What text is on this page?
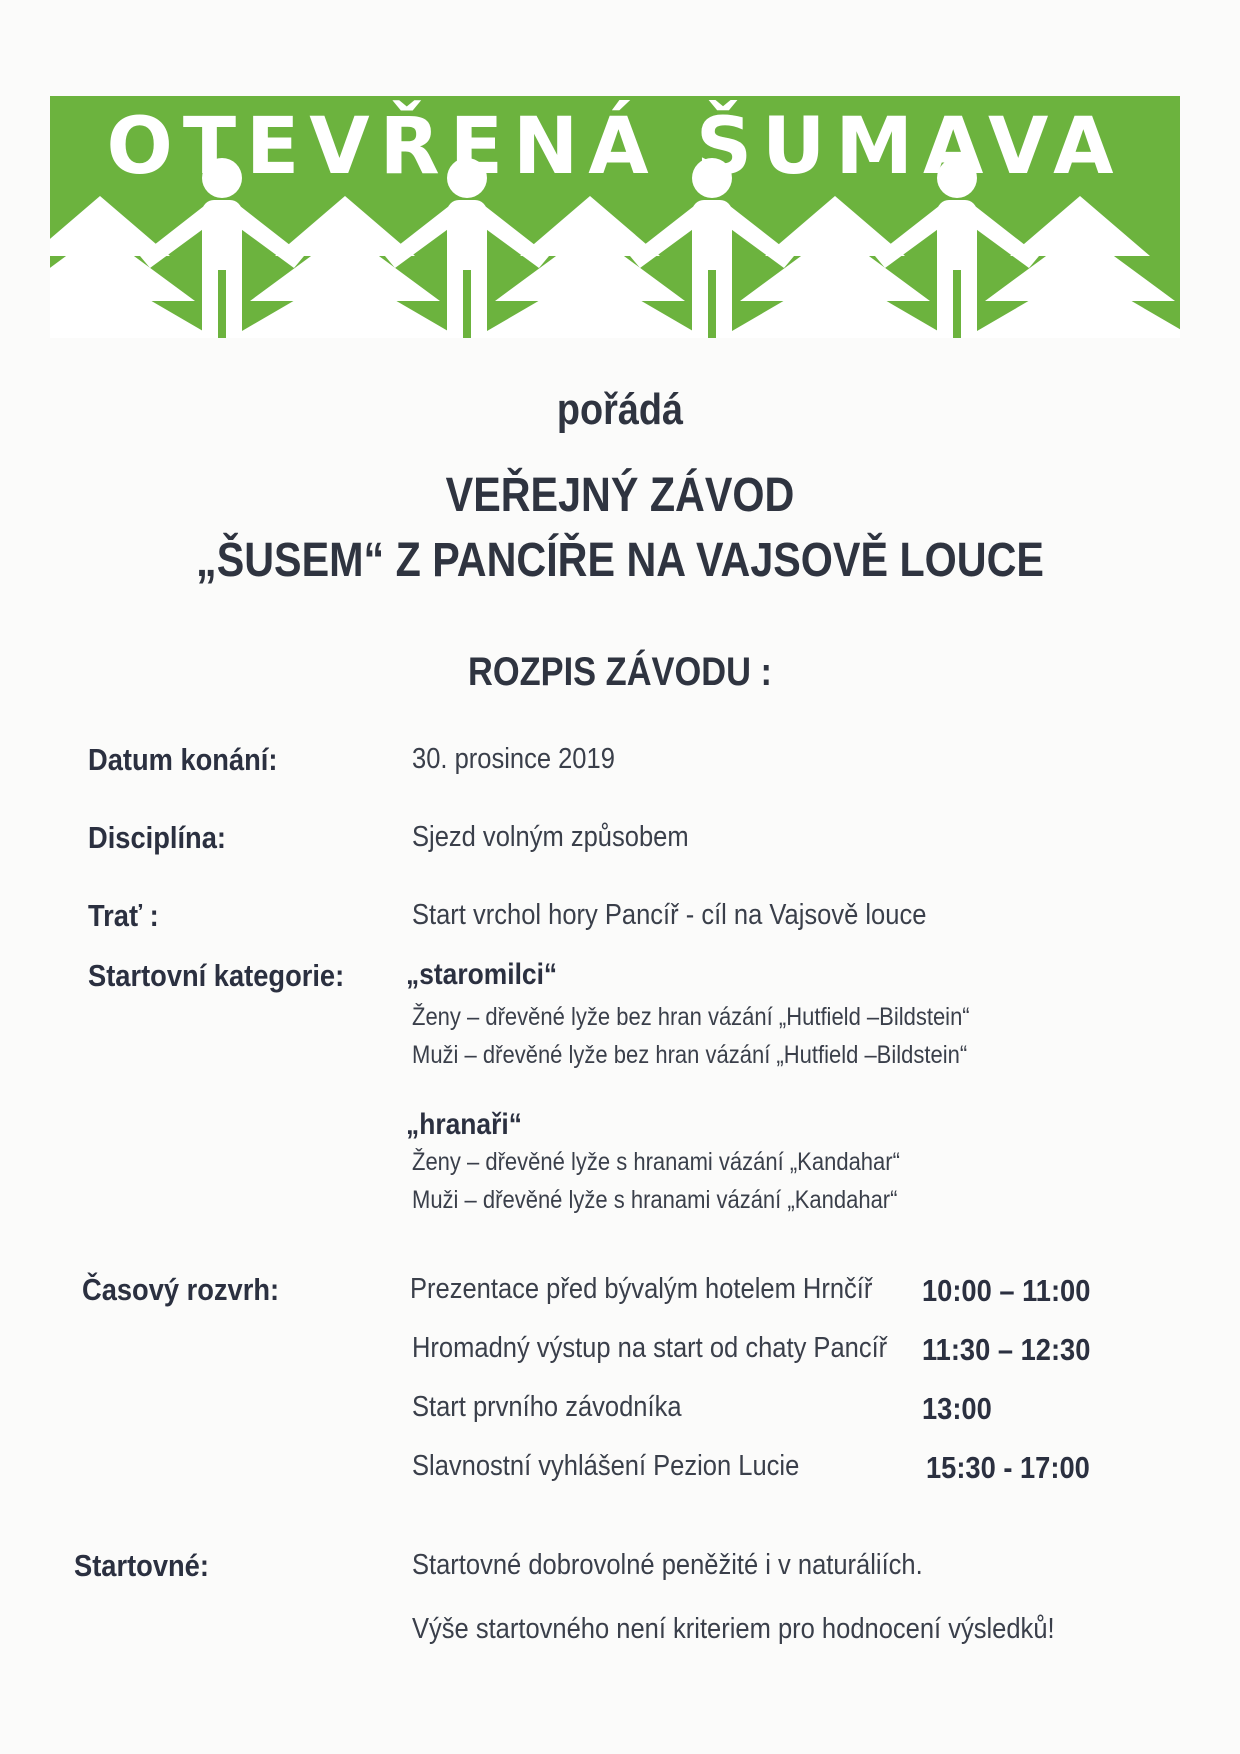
OTEVŘENÁ ŠUMAVA
pořádá
VEŘEJNÝ ZÁVOD
„ŠUSEM“ Z PANCÍŘE NA VAJSOVĚ LOUCE
ROZPIS ZÁVODU :
Datum konání:	30. prosince 2019
Disciplína:	Sjezd volným způsobem
Trať :	Start vrchol hory Pancíř - cíl na Vajsově louce
Startovní kategorie: „staromilci“
Ženy – dřevěné lyže bez hran vázání „Hutfield –Bildstein“
Muži – dřevěné lyže bez hran vázání „Hutfield –Bildstein“
„hranaři“
Ženy – dřevěné lyže s hranami vázání „Kandahar“
Muži – dřevěné lyže s hranami vázání „Kandahar“
Časový rozvrh:	Prezentace před bývalým hotelem Hrnčíř 10:00 – 11:00
Hromadný výstup na start od chaty Pancíř 11:30 – 12:30
Start prvního závodníka	13:00
Slavnostní vyhlášení Pezion Lucie	15:30 - 17:00
Startovné:	Startovné dobrovolné peněžité i v naturáliích.
Výše startovného není kriteriem pro hodnocení výsledků!
